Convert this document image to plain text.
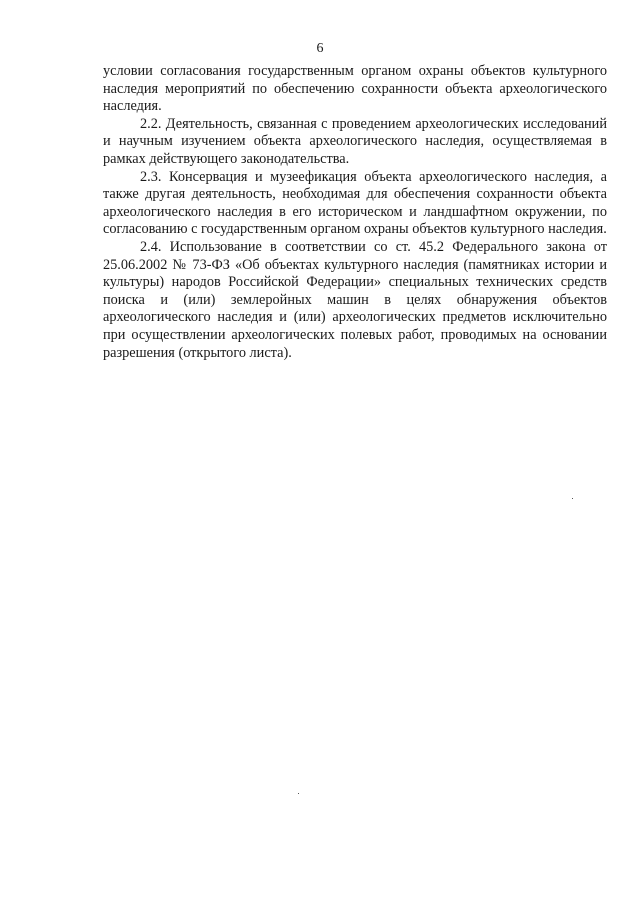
6

условии согласования государственным органом охраны объектов культурного наследия мероприятий по обеспечению сохранности объекта археологического наследия.

2.2. Деятельность, связанная с проведением археологических исследований и научным изучением объекта археологического наследия, осуществляемая в рамках действующего законодательства.

2.3. Консервация и музеефикация объекта археологического наследия, а также другая деятельность, необходимая для обеспечения сохранности объекта археологического наследия в его историческом и ландшафтном окружении, по согласованию с государственным органом охраны объектов культурного наследия.

2.4. Использование в соответствии со ст. 45.2 Федерального закона от 25.06.2002 № 73-ФЗ «Об объектах культурного наследия (памятниках истории и культуры) народов Российской Федерации» специальных технических средств поиска и (или) землеройных машин в целях обнаружения объектов археологического наследия и (или) археологических предметов исключительно при осуществлении археологических полевых работ, проводимых на основании разрешения (открытого листа).
